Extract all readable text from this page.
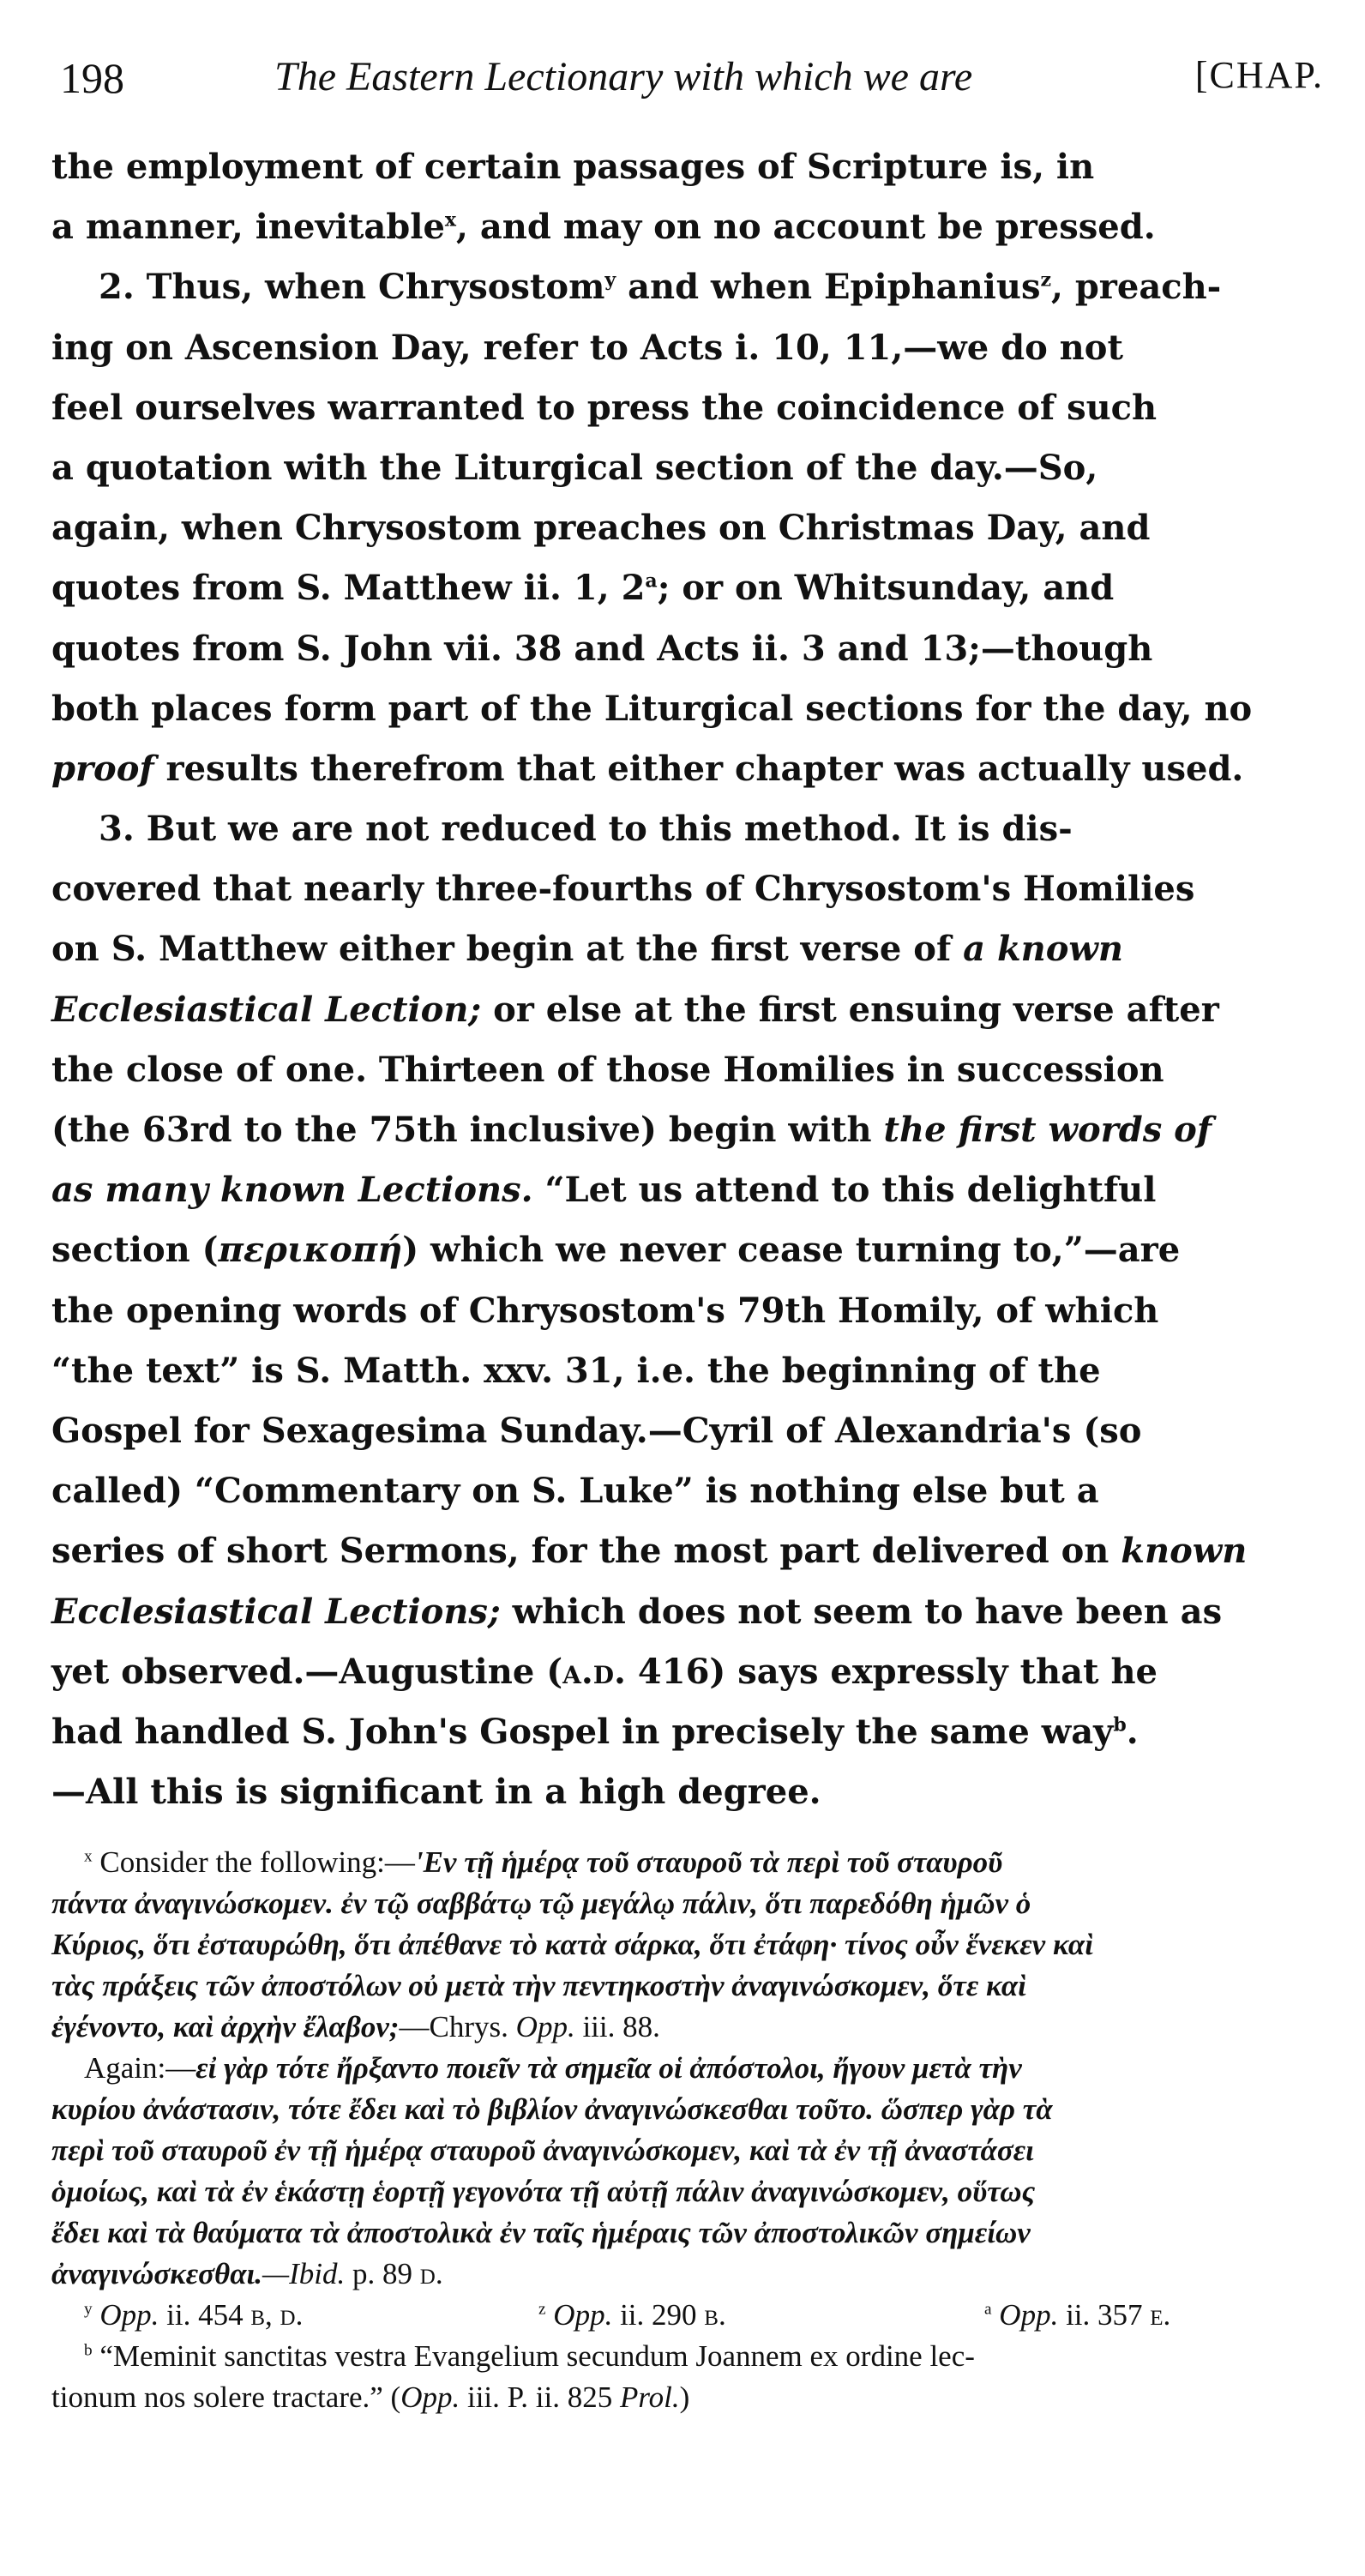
198	The Eastern Lectionary with which we are	[CHAP.
the employment of certain passages of Scripture is, in
a manner, inevitable$^x$, and may on no account be pressed.
2. Thus, when Chrysostom$^y$ and when Epiphanius$^z$, preach-
ing on Ascension Day, refer to Acts i. 10, 11,—we do not
feel ourselves warranted to press the coincidence of such
a quotation with the Liturgical section of the day.—So,
again, when Chrysostom preaches on Christmas Day, and
quotes from S. Matthew ii. 1, 2$^a$; or on Whitsunday, and
quotes from S. John vii. 38 and Acts ii. 3 and 13;—though
both places form part of the Liturgical sections for the day, no
proof results therefrom that either chapter was actually used.
3. But we are not reduced to this method. It is dis-
covered that nearly three-fourths of Chrysostom's Homilies
on S. Matthew either begin at the first verse of a known
Ecclesiastical Lection; or else at the first ensuing verse after
the close of one. Thirteen of those Homilies in succession
(the 63rd to the 75th inclusive) begin with the first words of
as many known Lections. “Let us attend to this delightful
section (περικοπή) which we never cease turning to,”—are
the opening words of Chrysostom's 79th Homily, of which
“the text” is S. Matth. xxv. 31, i.e. the beginning of the
Gospel for Sexagesima Sunday.—Cyril of Alexandria's (so
called) “Commentary on S. Luke” is nothing else but a
series of short Sermons, for the most part delivered on known
Ecclesiastical Lections; which does not seem to have been as
yet observed.—Augustine (a.d. 416) says expressly that he
had handled S. John's Gospel in precisely the same way$^b$.
—All this is significant in a high degree.
$^x$ Consider the following:—'Εν τῇ ἡμέρᾳ τοῦ σταυροῦ τὰ περὶ τοῦ σταυροῦ
πάντα ἀναγινώσκομεν. ἐν τῷ σαββάτῳ τῷ μεγάλῳ πάλιν, ὅτι παρεδόθη ἡμῶν ὁ
Κύριος, ὅτι ἐσταυρώθη, ὅτι ἀπέθανε τὸ κατὰ σάρκα, ὅτι ἐτάφη· τίνος οὖν ἕνεκεν καὶ
τὰς πράξεις τῶν ἀποστόλων οὐ μετὰ τὴν πεντηκοστὴν ἀναγινώσκομεν, ὅτε καὶ
ἐγένοντο, καὶ ἀρχὴν ἔλαβον;—Chrys. Opp. iii. 88.
Again:—εἰ γὰρ τότε ἤρξαντο ποιεῖν τὰ σημεῖα οἱ ἀπόστολοι, ἤγουν μετὰ τὴν
κυρίου ἀνάστασιν, τότε ἔδει καὶ τὸ βιβλίον ἀναγινώσκεσθαι τοῦτο. ὥσπερ γὰρ τὰ
περὶ τοῦ σταυροῦ ἐν τῇ ἡμέρᾳ σταυροῦ ἀναγινώσκομεν, καὶ τὰ ἐν τῇ ἀναστάσει
ὁμοίως, καὶ τὰ ἐν ἑκάστῃ ἑορτῇ γεγονότα τῇ αὐτῇ πάλιν ἀναγινώσκομεν, οὕτως
ἔδει καὶ τὰ θαύματα τὰ ἀποστολικὰ ἐν ταῖς ἡμέραις τῶν ἀποστολικῶν σημείων
ἀναγινώσκεσθαι.—Ibid. p. 89 d.
$^y$ Opp. ii. 454 b, d.	$^z$ Opp. ii. 290 b.	$^a$ Opp. ii. 357 e.
$^b$ “Meminit sanctitas vestra Evangelium secundum Joannem ex ordine lec-
tionum nos solere tractare.” (Opp. iii. P. ii. 825 Prol.)
